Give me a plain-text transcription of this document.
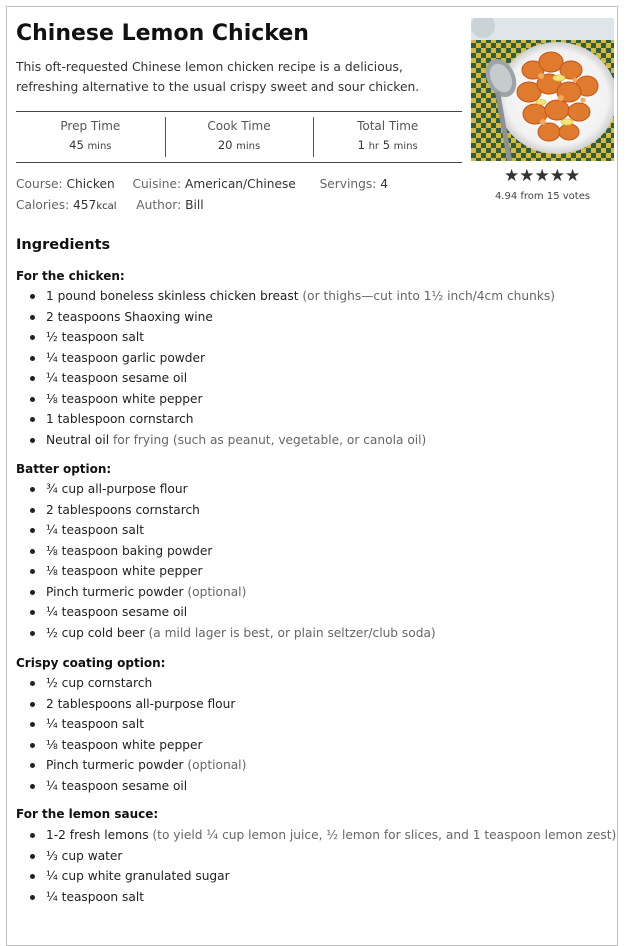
Chinese Lemon Chicken
This oft-requested Chinese lemon chicken recipe is a delicious, refreshing alternative to the usual crispy sweet and sour chicken.
Prep Time
45 mins
Cook Time
20 mins
Total Time
1 hr 5 mins
Course: Chicken Cuisine: American/Chinese Servings: 4
Calories: 457kcal Author: Bill
★★★★★
4.94 from 15 votes
Ingredients
For the chicken:
1 pound boneless skinless chicken breast (or thighs—cut into 1½ inch/4cm chunks)
2 teaspoons Shaoxing wine
½ teaspoon salt
¼ teaspoon garlic powder
¼ teaspoon sesame oil
⅛ teaspoon white pepper
1 tablespoon cornstarch
Neutral oil for frying (such as peanut, vegetable, or canola oil)
Batter option:
¾ cup all-purpose flour
2 tablespoons cornstarch
¼ teaspoon salt
⅛ teaspoon baking powder
⅛ teaspoon white pepper
Pinch turmeric powder (optional)
¼ teaspoon sesame oil
½ cup cold beer (a mild lager is best, or plain seltzer/club soda)
Crispy coating option:
½ cup cornstarch
2 tablespoons all-purpose flour
¼ teaspoon salt
⅛ teaspoon white pepper
Pinch turmeric powder (optional)
¼ teaspoon sesame oil
For the lemon sauce:
1-2 fresh lemons (to yield ¼ cup lemon juice, ½ lemon for slices, and 1 teaspoon lemon zest)
⅓ cup water
¼ cup white granulated sugar
¼ teaspoon salt
